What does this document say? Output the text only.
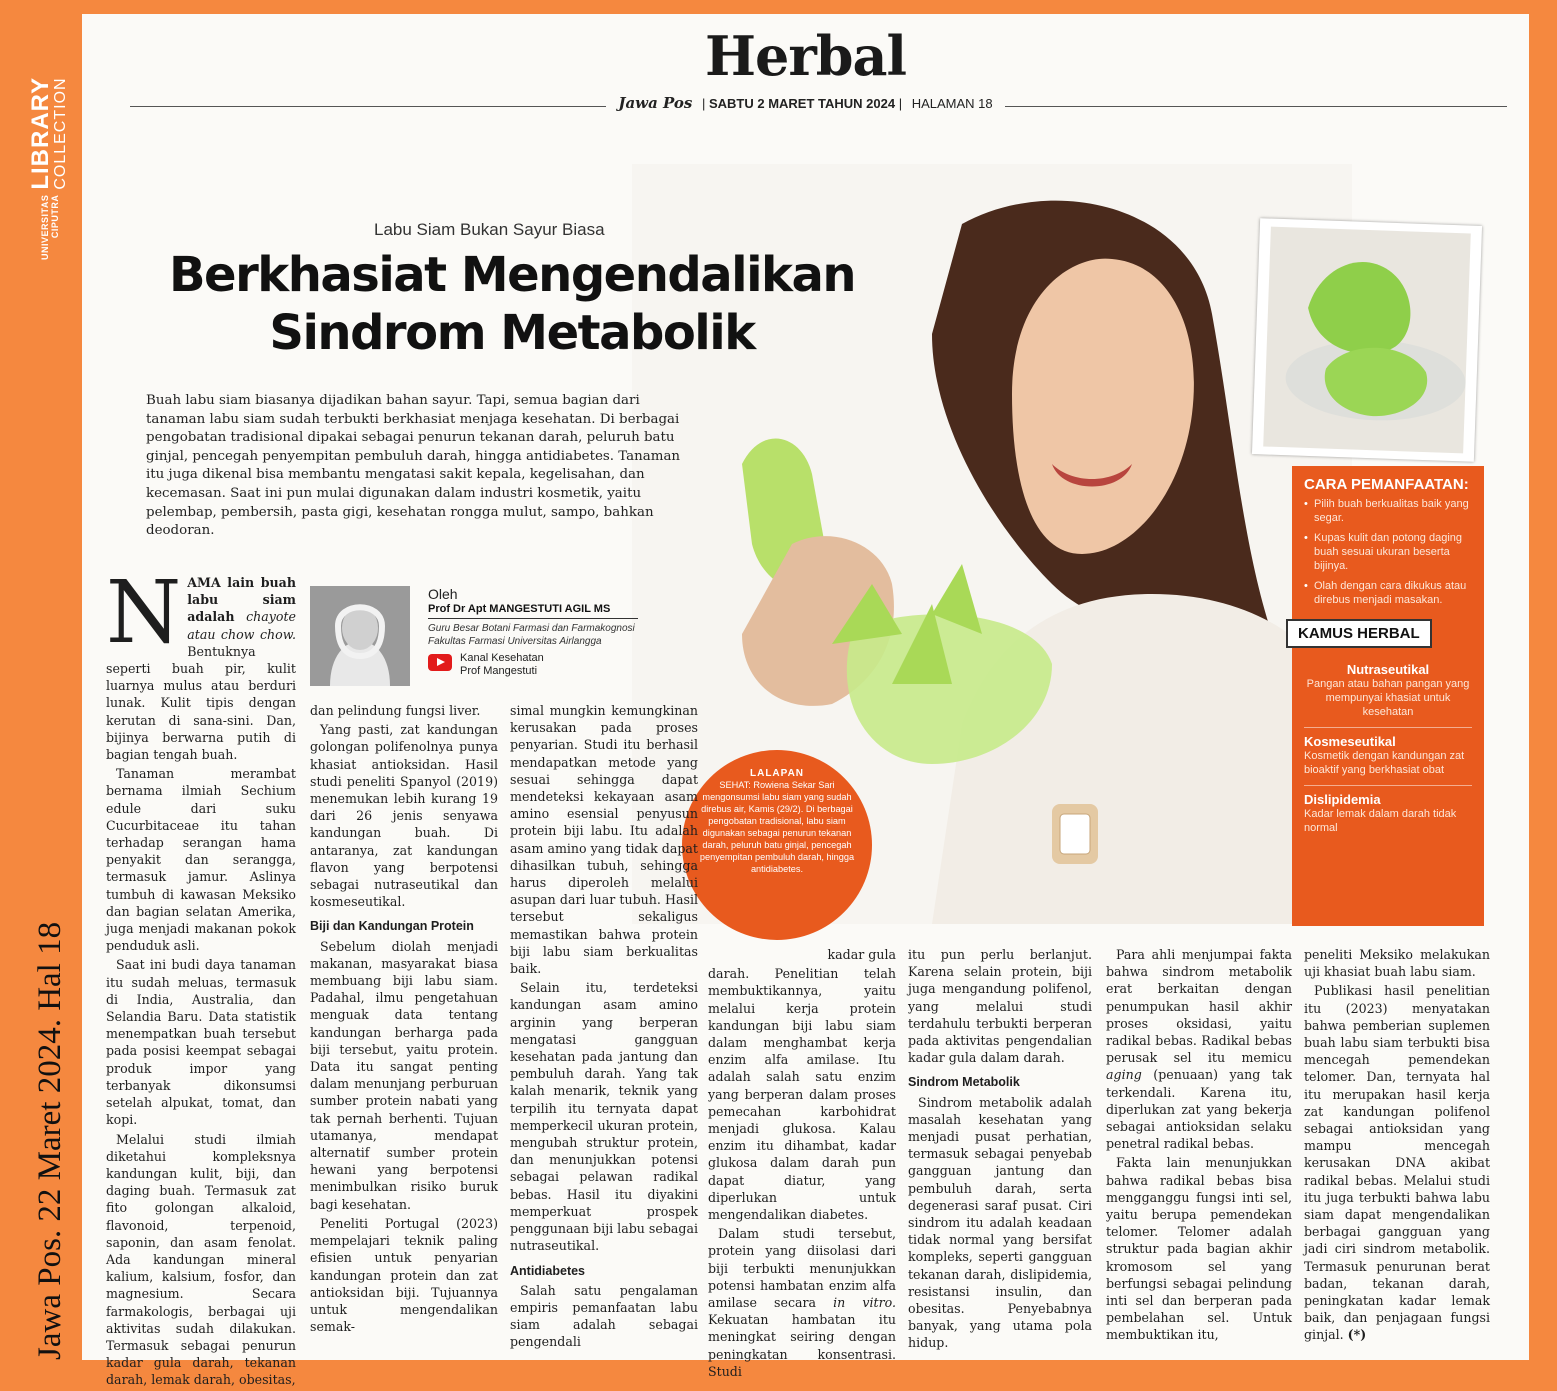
UNIVERSITAS CIPUTRA
LIBRARY
COLLECTION
Jawa Pos. 22 Maret 2024. Hal 18
Herbal
Jawa Pos | SABTU 2 MARET TAHUN 2024 | HALAMAN 18
Labu Siam Bukan Sayur Biasa
Berkhasiat Mengendalikan
Sindrom Metabolik

Buah labu siam biasanya dijadikan bahan sayur. Tapi, semua bagian dari tanaman labu siam sudah terbukti berkhasiat menjaga kesehatan. Di berbagai pengobatan tradisional dipakai sebagai penurun tekanan darah, peluruh batu ginjal, pencegah penyempitan pembuluh darah, hingga antidiabetes. Tanaman itu juga dikenal bisa membantu mengatasi sakit kepala, kegelisahan, dan kecemasan. Saat ini pun mulai digunakan dalam industri kosmetik, yaitu pelembap, pembersih, pasta gigi, kesehatan rongga mulut, sampo, bahkan deodoran.

CARA PEMANFAATAN:
• Pilih buah berkualitas baik yang segar.
• Kupas kulit dan potong daging buah sesuai ukuran beserta bijinya.
• Olah dengan cara dikukus atau direbus menjadi masakan.
KAMUS HERBAL
Nutraseutikal
Pangan atau bahan pangan yang mempunyai khasiat untuk kesehatan
Kosmeseutikal
Kosmetik dengan kandungan zat bioaktif yang berkhasiat obat
Dislipidemia
Kadar lemak dalam darah tidak normal
LALAPAN
SEHAT: Rowiena Sekar Sari mengonsumsi labu siam yang sudah direbus air, Kamis (29/2). Di berbagai pengobatan tradisional, labu siam digunakan sebagai penurun tekanan darah, peluruh batu ginjal, pencegah penyempitan pembuluh darah, hingga antidiabetes.
Oleh
Prof Dr Apt MANGESTUTI AGIL MS
Guru Besar Botani Farmasi dan Farmakognosi Fakultas Farmasi Universitas Airlangga
Kanal Kesehatan
Prof Mangestuti

N AMA lain buah labu siam adalah chayote atau chow chow. Bentuknya seperti buah pir, kulit luarnya mulus atau berduri lunak. Kulit tipis dengan kerutan di sana-sini. Dan, bijinya berwarna putih di bagian tengah buah.

Tanaman merambat bernama ilmiah Sechium edule dari suku Cucurbitaceae itu tahan terhadap serangan hama penyakit dan serangga, termasuk jamur. Aslinya tumbuh di kawasan Meksiko dan bagian selatan Amerika, juga menjadi makanan pokok penduduk asli.

Saat ini budi daya tanaman itu sudah meluas, termasuk di India, Australia, dan Selandia Baru. Data statistik menempatkan buah tersebut pada posisi keempat sebagai produk impor yang terbanyak dikonsumsi setelah alpukat, tomat, dan kopi.

Melalui studi ilmiah diketahui kompleksnya kandungan kulit, biji, dan daging buah. Termasuk zat fito golongan alkaloid, flavonoid, terpenoid, saponin, dan asam fenolat. Ada kandungan mineral kalium, kalsium, fosfor, dan magnesium. Secara farmakologis, berbagai uji aktivitas sudah dilakukan. Termasuk sebagai penurun kadar gula darah, tekanan darah, lemak darah, obesitas,

dan pelindung fungsi liver.

Yang pasti, zat kandungan golongan polifenolnya punya khasiat antioksidan. Hasil studi peneliti Spanyol (2019) menemukan lebih kurang 19 dari 26 jenis senyawa kandungan buah. Di antaranya, zat kandungan flavon yang berpotensi sebagai nutraseutikal dan kosmeseutikal.

Biji dan Kandungan Protein

Sebelum diolah menjadi makanan, masyarakat biasa membuang biji labu siam. Padahal, ilmu pengetahuan menguak data tentang kandungan berharga pada biji tersebut, yaitu protein. Data itu sangat penting dalam menunjang perburuan sumber protein nabati yang tak pernah berhenti. Tujuan utamanya, mendapat alternatif sumber protein hewani yang berpotensi menimbulkan risiko buruk bagi kesehatan.

Peneliti Portugal (2023) mempelajari teknik paling efisien untuk penyarian kandungan protein dan zat antioksidan biji. Tujuannya untuk mengendalikan semak-

simal mungkin kemungkinan kerusakan pada proses penyarian. Studi itu berhasil mendapatkan metode yang sesuai sehingga dapat mendeteksi kekayaan asam amino esensial penyusun protein biji labu. Itu adalah asam amino yang tidak dapat dihasilkan tubuh, sehingga harus diperoleh melalui asupan dari luar tubuh. Hasil tersebut sekaligus memastikan bahwa protein biji labu siam berkualitas baik.

Selain itu, terdeteksi kandungan asam amino arginin yang berperan mengatasi gangguan kesehatan pada jantung dan pembuluh darah. Yang tak kalah menarik, teknik yang terpilih itu ternyata dapat memperkecil ukuran protein, mengubah struktur protein, dan menunjukkan potensi sebagai pelawan radikal bebas. Hasil itu diyakini memperkuat prospek penggunaan biji labu sebagai nutraseutikal.

Antidiabetes

Salah satu pengalaman empiris pemanfaatan labu siam adalah sebagai pengendali

kadar gula

darah. Penelitian telah membuktikannya, yaitu melalui kerja protein kandungan biji labu siam dalam menghambat kerja enzim alfa amilase. Itu adalah salah satu enzim yang berperan dalam proses pemecahan karbohidrat menjadi glukosa. Kalau enzim itu dihambat, kadar glukosa dalam darah pun dapat diatur, yang diperlukan untuk mengendalikan diabetes.

Dalam studi tersebut, protein yang diisolasi dari biji terbukti menunjukkan potensi hambatan enzim alfa amilase secara in vitro. Kekuatan hambatan itu meningkat seiring dengan peningkatan konsentrasi. Studi

itu pun perlu berlanjut. Karena selain protein, biji juga mengandung polifenol, yang melalui studi terdahulu terbukti berperan pada aktivitas pengendalian kadar gula dalam darah.

Sindrom Metabolik

Sindrom metabolik adalah masalah kesehatan yang menjadi pusat perhatian, termasuk sebagai penyebab gangguan jantung dan pembuluh darah, serta degenerasi saraf pusat. Ciri sindrom itu adalah keadaan tidak normal yang bersifat kompleks, seperti gangguan tekanan darah, dislipidemia, resistansi insulin, dan obesitas. Penyebabnya banyak, yang utama pola hidup.

Para ahli menjumpai fakta bahwa sindrom metabolik erat berkaitan dengan penumpukan hasil akhir proses oksidasi, yaitu radikal bebas. Radikal bebas perusak sel itu memicu aging (penuaan) yang tak terkendali. Karena itu, diperlukan zat yang bekerja sebagai antioksidan selaku penetral radikal bebas.

Fakta lain menunjukkan bahwa radikal bebas bisa mengganggu fungsi inti sel, yaitu berupa pemendekan telomer. Telomer adalah struktur pada bagian akhir kromosom sel yang berfungsi sebagai pelindung inti sel dan berperan pada pembelahan sel. Untuk membuktikan itu,

peneliti Meksiko melakukan uji khasiat buah labu siam.

Publikasi hasil penelitian itu (2023) menyatakan bahwa pemberian suplemen buah labu siam terbukti bisa mencegah pemendekan telomer. Dan, ternyata hal itu merupakan hasil kerja zat kandungan polifenol sebagai antioksidan yang mampu mencegah kerusakan DNA akibat radikal bebas. Melalui studi itu juga terbukti bahwa labu siam dapat mengendalikan berbagai gangguan yang jadi ciri sindrom metabolik. Termasuk penurunan berat badan, tekanan darah, peningkatan kadar lemak baik, dan penjagaan fungsi ginjal. (*)
